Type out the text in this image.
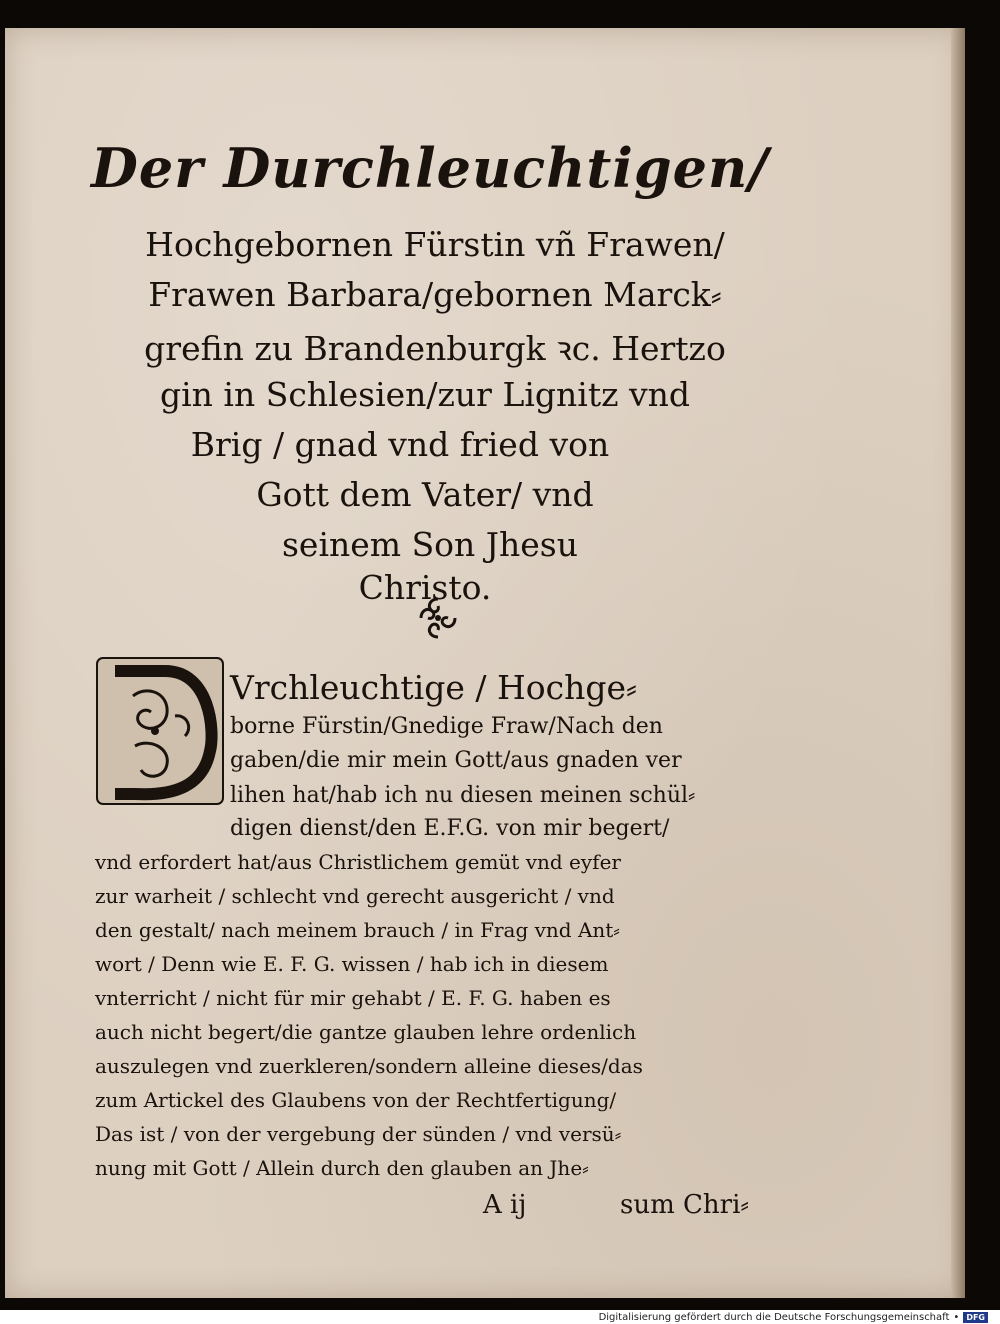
Der Durchleuchtigen/
Hochgebornen Fürstin vñ Frawen/
Frawen Barbara/gebornen Marck⸗
grefin zu Brandenburgk ꝛc. Hertzo
gin in Schlesien/zur Lignitz vnd
Brig / gnad vnd fried von
Gott dem Vater/ vnd
seinem Son Jhesu
Christo.
Vrchleuchtige / Hochge⸗
borne Fürstin/Gnedige Fraw/Nach den
gaben/die mir mein Gott/aus gnaden ver
lihen hat/hab ich nu diesen meinen schül⸗
digen dienst/den E.F.G. von mir begert/
vnd erfordert hat/aus Christlichem gemüt vnd eyfer
zur warheit / schlecht vnd gerecht ausgericht / vnd
den gestalt/ nach meinem brauch / in Frag vnd Ant⸗
wort / Denn wie E. F. G. wissen / hab ich in diesem
vnterricht / nicht für mir gehabt / E. F. G. haben es
auch nicht begert/die gantze glauben lehre ordenlich
auszulegen vnd zuerkleren/sondern alleine dieses/das
zum Artickel des Glaubens von der Rechtfertigung/
Das ist / von der vergebung der sünden / vnd versü⸗
nung mit Gott / Allein durch den glauben an Jhe⸗
A ij	sum Chri⸗
Digitalisierung gefördert durch die Deutsche Forschungsgemeinschaft • DFG
